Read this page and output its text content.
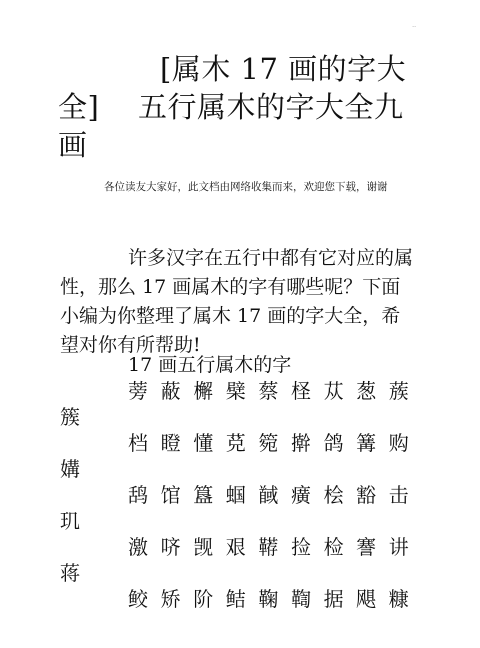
..
[属木 17 画的字大
全] 五行属木的字大全九
画
各位读友大家好，此文档由网络收集而来，欢迎您下载，谢谢
许多汉字在五行中都有它对应的属性，那么 17 画属木的字有哪些呢？下面小编为你整理了属木 17 画的字大全，希望对你有所帮助!
17 画五行属木的字
蒡 蔽 檞 檗 蔡 柽 苁 葱 蔟
簇
档 瞪 懂 莌 箢 擀 鸽 篝 购
媾
鸹 馆 簋 蝈 馘 癀 桧 豁 击
玑
激 哜 觊 艰 鞯 捡 检 謇 讲
蒋
鲛 矫 阶 鲒 鞠 鞫 据 飓 糠
